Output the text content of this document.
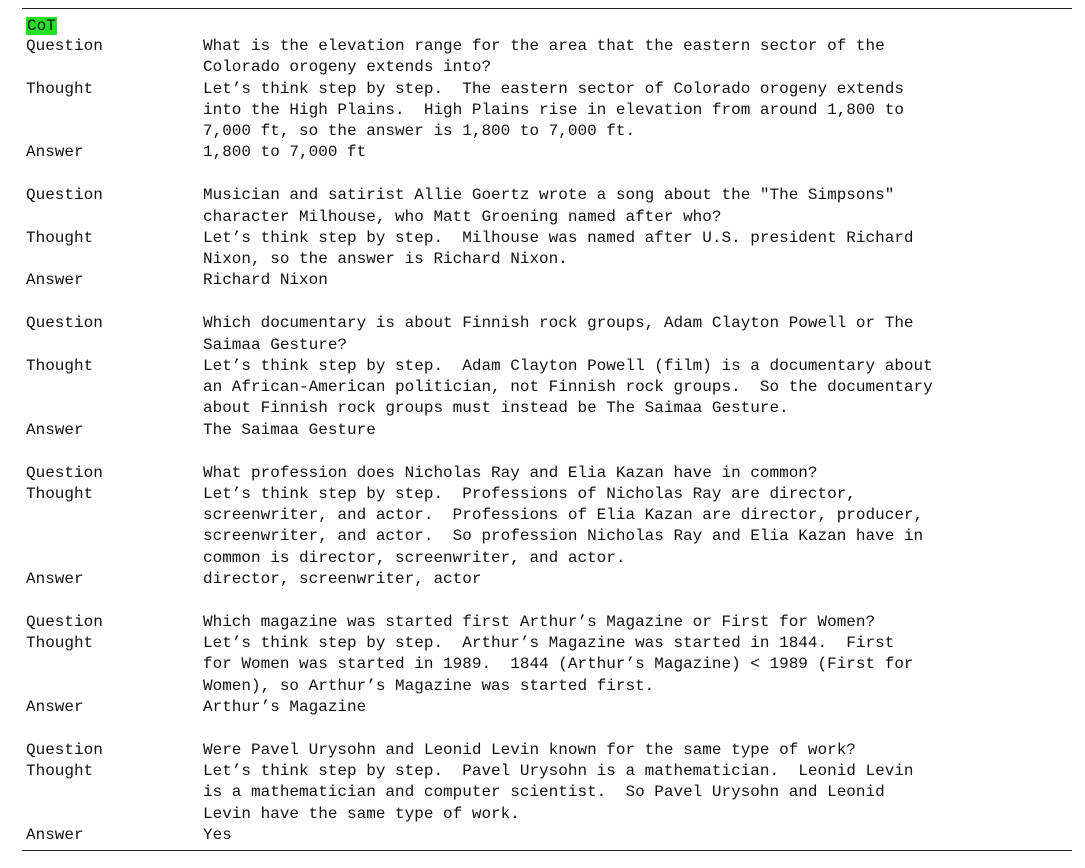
CoT
Question	What is the elevation range for the area that the eastern sector of the
Colorado orogeny extends into?
Thought	Let’s think step by step.  The eastern sector of Colorado orogeny extends
into the High Plains.  High Plains rise in elevation from around 1,800 to
7,000 ft, so the answer is 1,800 to 7,000 ft.
Answer	1,800 to 7,000 ft
Question	Musician and satirist Allie Goertz wrote a song about the "The Simpsons"
character Milhouse, who Matt Groening named after who?
Thought	Let’s think step by step.  Milhouse was named after U.S. president Richard
Nixon, so the answer is Richard Nixon.
Answer	Richard Nixon
Question	Which documentary is about Finnish rock groups, Adam Clayton Powell or The
Saimaa Gesture?
Thought	Let’s think step by step.  Adam Clayton Powell (film) is a documentary about
an African-American politician, not Finnish rock groups.  So the documentary
about Finnish rock groups must instead be The Saimaa Gesture.
Answer	The Saimaa Gesture
Question	What profession does Nicholas Ray and Elia Kazan have in common?
Thought	Let’s think step by step.  Professions of Nicholas Ray are director,
screenwriter, and actor.  Professions of Elia Kazan are director, producer,
screenwriter, and actor.  So profession Nicholas Ray and Elia Kazan have in
common is director, screenwriter, and actor.
Answer	director, screenwriter, actor
Question	Which magazine was started first Arthur’s Magazine or First for Women?
Thought	Let’s think step by step.  Arthur’s Magazine was started in 1844.  First
for Women was started in 1989.  1844 (Arthur’s Magazine) < 1989 (First for
Women), so Arthur’s Magazine was started first.
Answer	Arthur’s Magazine
Question	Were Pavel Urysohn and Leonid Levin known for the same type of work?
Thought	Let’s think step by step.  Pavel Urysohn is a mathematician.  Leonid Levin
is a mathematician and computer scientist.  So Pavel Urysohn and Leonid
Levin have the same type of work.
Answer	Yes
